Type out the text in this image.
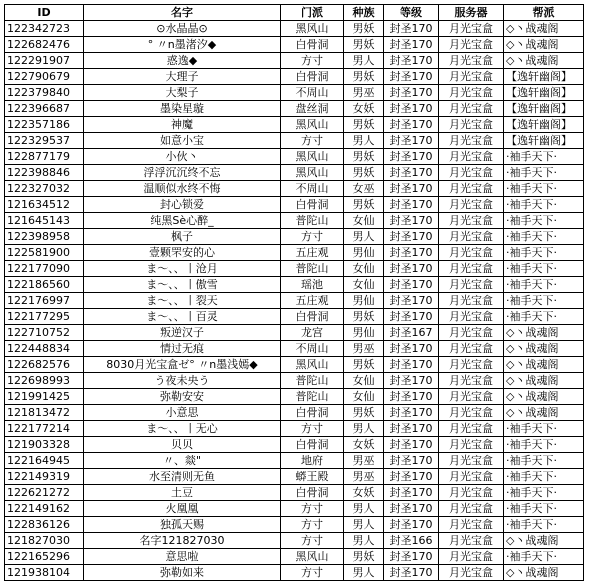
ID	名字	门派	种族	等级	服务器	帮派
122342723	⊙水晶晶⊙	黑风山	男妖	封圣170	月光宝盒	◇丶战魂阁
122682476	° 〃n墨渚汐◆	白骨洞	男妖	封圣170	月光宝盒	◇丶战魂阁
122291907	惑逸◆	方寸	男人	封圣170	月光宝盒	◇丶战魂阁
122790679	大理子	白骨洞	男妖	封圣170	月光宝盒	【逸轩幽阁】
122379840	大梨子	不周山	男巫	封圣170	月光宝盒	【逸轩幽阁】
122396687	墨染星璇	盘丝洞	女妖	封圣170	月光宝盒	【逸轩幽阁】
122357186	神魔	黑风山	男妖	封圣170	月光宝盒	【逸轩幽阁】
122329537	如意小宝	方寸	男人	封圣170	月光宝盒	【逸轩幽阁】
122877179	小伙丶	黑风山	男妖	封圣170	月光宝盒	·袖手天下·
122398846	浮浮沉沉终不忘	黑风山	男妖	封圣170	月光宝盒	·袖手天下·
122327032	温顺似水终不悔	不周山	女巫	封圣170	月光宝盒	·袖手天下·
121634512	封心锁爱	白骨洞	男妖	封圣170	月光宝盒	·袖手天下·
121645143	纯黑Sè心醉_	普陀山	女仙	封圣170	月光宝盒	·袖手天下·
122398958	枫子	方寸	男人	封圣170	月光宝盒	·袖手天下·
122581900	壹颗罘安的心	五庄观	男仙	封圣170	月光宝盒	·袖手天下·
122177090	ま～、、丨沧月	普陀山	女仙	封圣170	月光宝盒	·袖手天下·
122186560	ま～、、丨傲雪	瑶池	女仙	封圣170	月光宝盒	·袖手天下·
122176997	ま～、、丨裂天	五庄观	男仙	封圣170	月光宝盒	·袖手天下·
122177295	ま～、、丨百灵	白骨洞	男妖	封圣170	月光宝盒	·袖手天下·
122710752	叛逆汉子	龙宫	男仙	封圣167	月光宝盒	◇丶战魂阁
122448834	情过无痕	不周山	男巫	封圣170	月光宝盒	◇丶战魂阁
122682576	8030月光宝盒ゼ° 〃n墨浅嫣◆	黑风山	男妖	封圣170	月光宝盒	◇丶战魂阁
122698993	う夜未央う	普陀山	女仙	封圣170	月光宝盒	◇丶战魂阁
121991425	弥勒安安	普陀山	女仙	封圣170	月光宝盒	◇丶战魂阁
121813472	小意思	白骨洞	男妖	封圣170	月光宝盒	◇丶战魂阁
122177214	ま～、、丨无心	方寸	男人	封圣170	月光宝盒	·袖手天下·
121903328	贝贝	白骨洞	女妖	封圣170	月光宝盒	·袖手天下·
122164945	〃、燚"	地府	男巫	封圣170	月光宝盒	·袖手天下·
122149319	水至清则无鱼	蟒王殿	男巫	封圣170	月光宝盒	·袖手天下·
122621272	土豆	白骨洞	女妖	封圣170	月光宝盒	·袖手天下·
122149162	火凰凰	方寸	男人	封圣170	月光宝盒	·袖手天下·
122836126	独孤天赐	方寸	男人	封圣170	月光宝盒	·袖手天下·
121827030	名字121827030	方寸	男人	封圣166	月光宝盒	◇丶战魂阁
122165296	意思啦	黑风山	男妖	封圣170	月光宝盒	·袖手天下·
121938104	弥勒如来	方寸	男人	封圣170	月光宝盒	◇丶战魂阁
